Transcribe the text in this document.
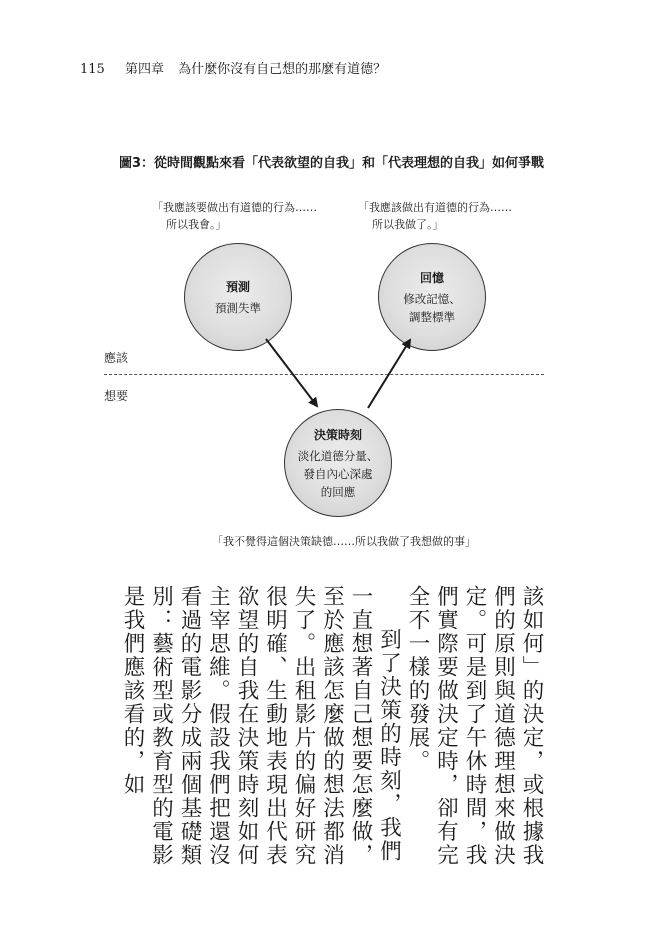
115 第四章 為什麼你沒有自己想的那麼有道德？
圖3：從時間觀點來看「代表欲望的自我」和「代表理想的自我」如何爭戰
「我應該要做出有道德的行為……
所以我會。」
「我應該做出有道德的行為……
所以我做了。」
預測
預測失準
回憶
修改記憶、
調整標準
應該
想要
決策時刻
淡化道德分量、
發自內心深處
的回應
「我不覺得這個決策缺德……所以我做了我想做的事」

該如何」的決定，或根據我們的原則與道德理想來做決定。可是到了午休時間，我們實際要做決定時，卻有完全不一樣的發展。

到了決策的時刻，我們一直想著自己想要怎麼做，至於應該怎麼做的想法都消失了。出租影片的偏好研究很明確、生動地表現出代表欲望的自我在決策時刻如何主宰思維。假設我們把還沒看過的電影分成兩個基礎類別：藝術型或教育型的電影是我們應該看的，如
